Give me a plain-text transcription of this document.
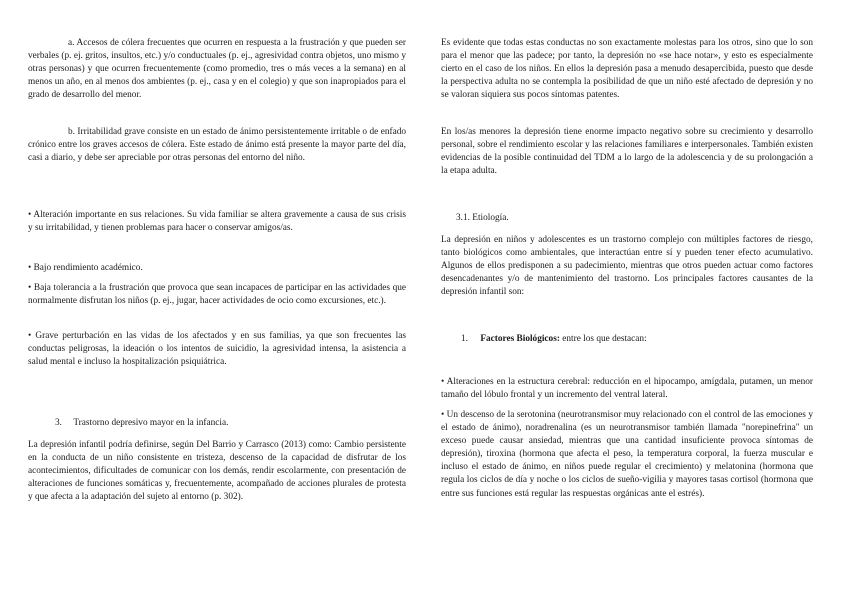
a. Accesos de cólera frecuentes que ocurren en respuesta a la frustración y que pueden ser verbales (p. ej. gritos, insultos, etc.) y/o conductuales (p. ej., agresividad contra objetos, uno mismo y otras personas) y que ocurren frecuentemente (como promedio, tres o más veces a la semana) en al menos un año, en al menos dos ambientes (p. ej., casa y en el colegio) y que son inapropiados para el grado de desarrollo del menor.

b. Irritabilidad grave consiste en un estado de ánimo persistentemente irritable o de enfado crónico entre los graves accesos de cólera. Este estado de ánimo está presente la mayor parte del día, casi a diario, y debe ser apreciable por otras personas del entorno del niño.

• Alteración importante en sus relaciones. Su vida familiar se altera gravemente a causa de sus crisis y su irritabilidad, y tienen problemas para hacer o conservar amigos/as.

• Bajo rendimiento académico.

• Baja tolerancia a la frustración que provoca que sean incapaces de participar en las actividades que normalmente disfrutan los niños (p. ej., jugar, hacer actividades de ocio como excursiones, etc.).

• Grave perturbación en las vidas de los afectados y en sus familias, ya que son frecuentes las conductas peligrosas, la ideación o los intentos de suicidio, la agresividad intensa, la asistencia a salud mental e incluso la hospitalización psiquiátrica.

3. Trastorno depresivo mayor en la infancia.

La depresión infantil podría definirse, según Del Barrio y Carrasco (2013) como: Cambio persistente en la conducta de un niño consistente en tristeza, descenso de la capacidad de disfrutar de los acontecimientos, dificultades de comunicar con los demás, rendir escolarmente, con presentación de alteraciones de funciones somáticas y, frecuentemente, acompañado de acciones plurales de protesta y que afecta a la adaptación del sujeto al entorno (p. 302).

Es evidente que todas estas conductas no son exactamente molestas para los otros, sino que lo son para el menor que las padece; por tanto, la depresión no «se hace notar», y esto es especialmente cierto en el caso de los niños. En ellos la depresión pasa a menudo desapercibida, puesto que desde la perspectiva adulta no se contempla la posibilidad de que un niño esté afectado de depresión y no se valoran siquiera sus pocos síntomas patentes.

En los/as menores la depresión tiene enorme impacto negativo sobre su crecimiento y desarrollo personal, sobre el rendimiento escolar y las relaciones familiares e interpersonales. También existen evidencias de la posible continuidad del TDM a lo largo de la adolescencia y de su prolongación a la etapa adulta.

3.1. Etiología.

La depresión en niños y adolescentes es un trastorno complejo con múltiples factores de riesgo, tanto biológicos como ambientales, que interactúan entre sí y pueden tener efecto acumulativo. Algunos de ellos predisponen a su padecimiento, mientras que otros pueden actuar como factores desencadenantes y/o de mantenimiento del trastorno. Los principales factores causantes de la depresión infantil son:

1. Factores Biológicos: entre los que destacan:

• Alteraciones en la estructura cerebral: reducción en el hipocampo, amígdala, putamen, un menor tamaño del lóbulo frontal y un incremento del ventral lateral.

• Un descenso de la serotonina (neurotransmisor muy relacionado con el control de las emociones y el estado de ánimo), noradrenalina (es un neurotransmisor también llamada "norepinefrina" un exceso puede causar ansiedad, mientras que una cantidad insuficiente provoca síntomas de depresión), tiroxina (hormona que afecta el peso, la temperatura corporal, la fuerza muscular e incluso el estado de ánimo, en niños puede regular el crecimiento) y melatonina (hormona que regula los ciclos de día y noche o los ciclos de sueño-vigilia y mayores tasas cortisol (hormona que entre sus funciones está regular las respuestas orgánicas ante el estrés).
